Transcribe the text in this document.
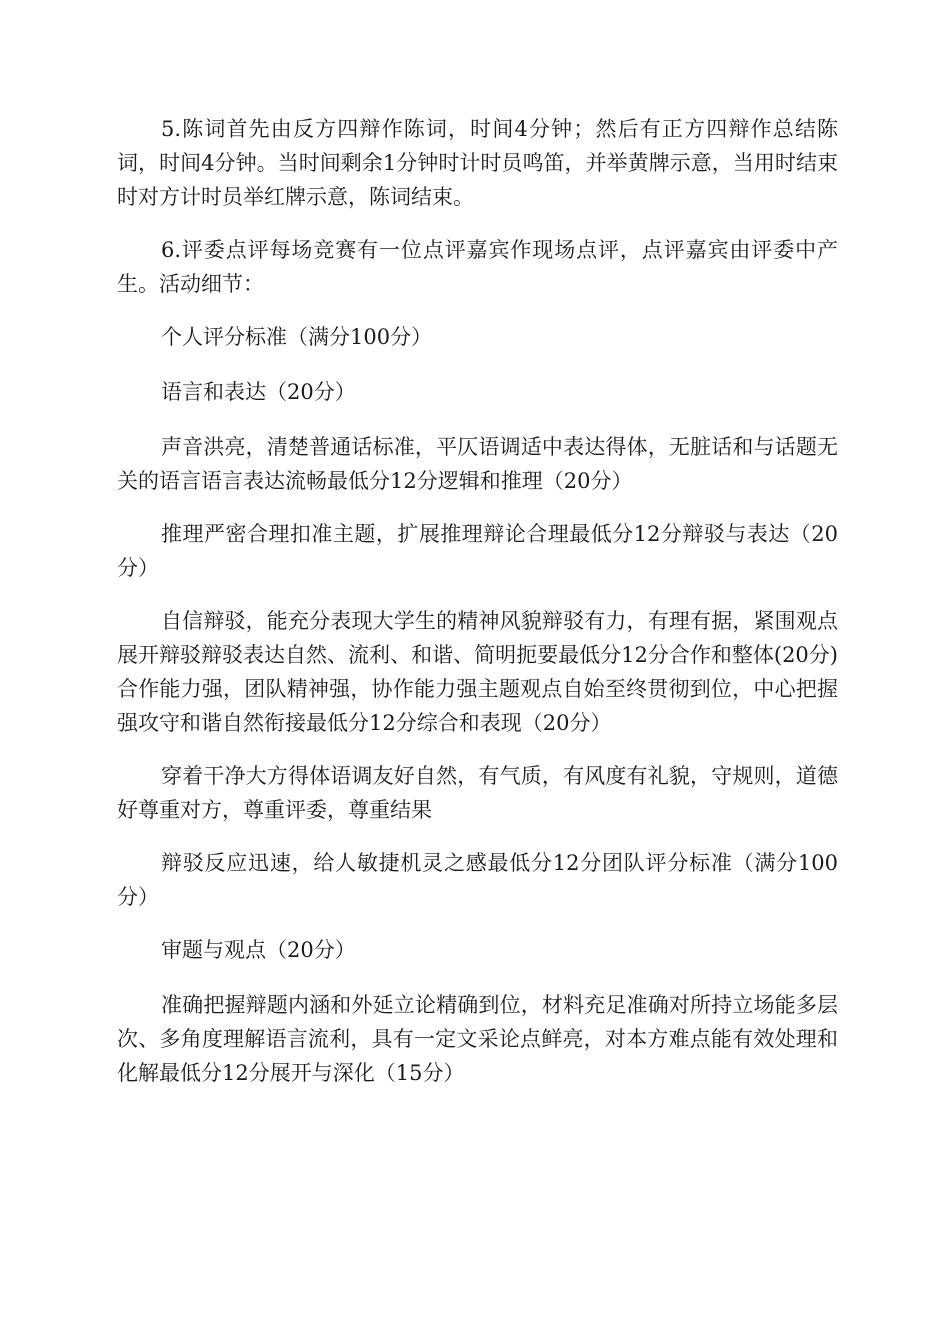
5.陈词首先由反方四辩作陈词，时间4分钟；然后有正方四辩作总结陈词，时间4分钟。当时间剩余1分钟时计时员鸣笛，并举黄牌示意，当用时结束时对方计时员举红牌示意，陈词结束。

6.评委点评每场竞赛有一位点评嘉宾作现场点评，点评嘉宾由评委中产生。活动细节：

个人评分标准（满分100分）

语言和表达（20分）

声音洪亮，清楚普通话标准，平仄语调适中表达得体，无脏话和与话题无关的语言语言表达流畅最低分12分逻辑和推理（20分）

推理严密合理扣准主题，扩展推理辩论合理最低分12分辩驳与表达（20分）

自信辩驳，能充分表现大学生的精神风貌辩驳有力，有理有据，紧围观点展开辩驳辩驳表达自然、流利、和谐、简明扼要最低分12分合作和整体(20分)合作能力强，团队精神强，协作能力强主题观点自始至终贯彻到位，中心把握强攻守和谐自然衔接最低分12分综合和表现（20分）

穿着干净大方得体语调友好自然，有气质，有风度有礼貌，守规则，道德好尊重对方，尊重评委，尊重结果

辩驳反应迅速，给人敏捷机灵之感最低分12分团队评分标准（满分100分）

审题与观点（20分）

准确把握辩题内涵和外延立论精确到位，材料充足准确对所持立场能多层次、多角度理解语言流利，具有一定文采论点鲜亮，对本方难点能有效处理和化解最低分12分展开与深化（15分）
